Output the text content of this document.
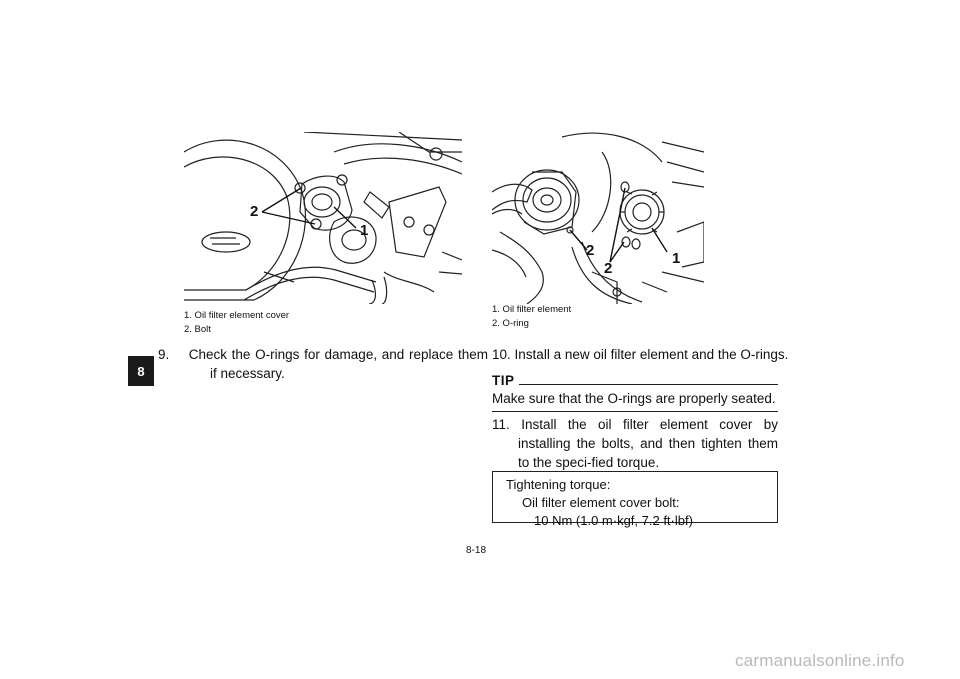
8
2
1
1. Oil filter element cover
2. Bolt
9. Check the O-rings for damage, and replace them if necessary.
2
2
1
1. Oil filter element
2. O-ring
10. Install a new oil filter element and the O-rings.
TIP
Make sure that the O-rings are properly seated.
11. Install the oil filter element cover by installing the bolts, and then tighten them to the speci-fied torque.
Tightening torque:
Oil filter element cover bolt:
10 Nm (1.0 m·kgf, 7.2 ft·lbf)
8-18
carmanualsonline.info
